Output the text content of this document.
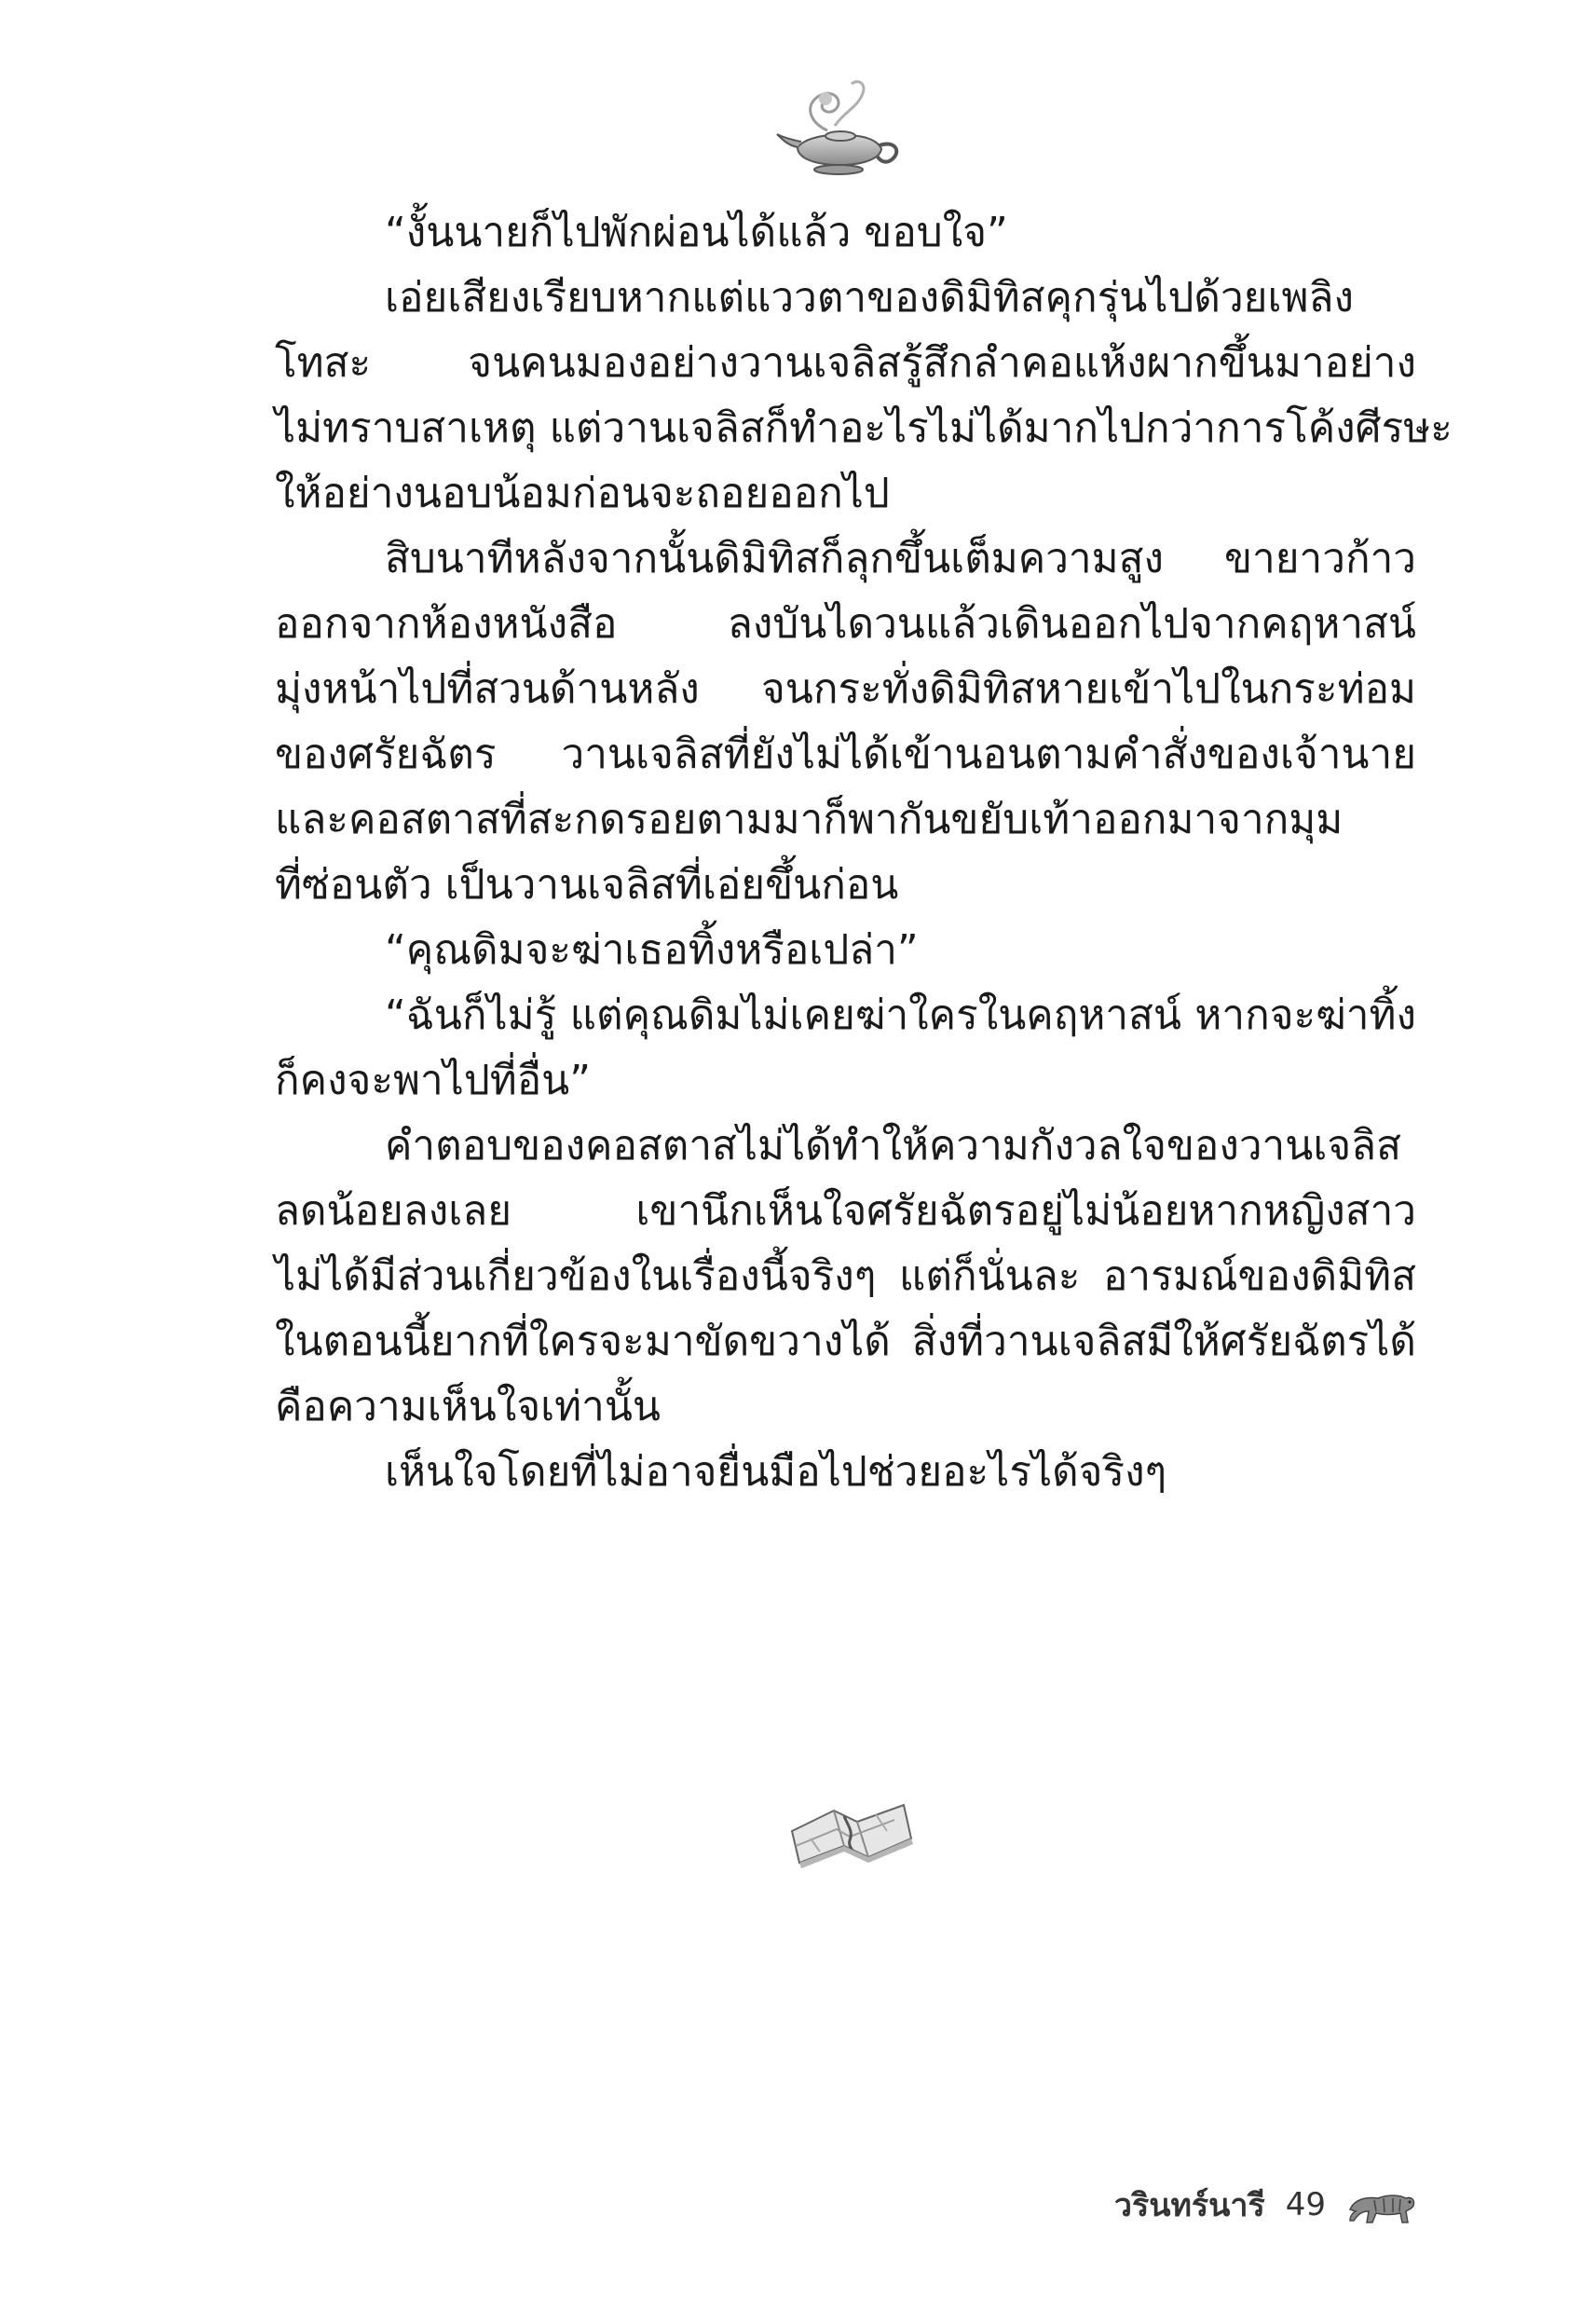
“งั้นนายก็ไปพักผ่อนได้แล้ว ขอบใจ”
เอ่ยเสียงเรียบหากแต่แววตาของดิมิทิสคุกรุ่นไปด้วยเพลิง
โทสะ จนคนมองอย่างวานเจลิสรู้สึกลำคอแห้งผากขึ้นมาอย่าง
ไม่ทราบสาเหตุ แต่วานเจลิสก็ทำอะไรไม่ได้มากไปกว่าการโค้งศีรษะ
ให้อย่างนอบน้อมก่อนจะถอยออกไป
สิบนาทีหลังจากนั้นดิมิทิสก็ลุกขึ้นเต็มความสูง ขายาวก้าว
ออกจากห้องหนังสือ ลงบันไดวนแล้วเดินออกไปจากคฤหาสน์
มุ่งหน้าไปที่สวนด้านหลัง จนกระทั่งดิมิทิสหายเข้าไปในกระท่อม
ของศรัยฉัตร วานเจลิสที่ยังไม่ได้เข้านอนตามคำสั่งของเจ้านาย
และคอสตาสที่สะกดรอยตามมาก็พากันขยับเท้าออกมาจากมุม
ที่ซ่อนตัว เป็นวานเจลิสที่เอ่ยขึ้นก่อน
“คุณดิมจะฆ่าเธอทิ้งหรือเปล่า”
“ฉันก็ไม่รู้ แต่คุณดิมไม่เคยฆ่าใครในคฤหาสน์ หากจะฆ่าทิ้ง
ก็คงจะพาไปที่อื่น”
คำตอบของคอสตาสไม่ได้ทำให้ความกังวลใจของวานเจลิส
ลดน้อยลงเลย เขานึกเห็นใจศรัยฉัตรอยู่ไม่น้อยหากหญิงสาว
ไม่ได้มีส่วนเกี่ยวข้องในเรื่องนี้จริงๆ แต่ก็นั่นละ อารมณ์ของดิมิทิส
ในตอนนี้ยากที่ใครจะมาขัดขวางได้ สิ่งที่วานเจลิสมีให้ศรัยฉัตรได้
คือความเห็นใจเท่านั้น
เห็นใจโดยที่ไม่อาจยื่นมือไปช่วยอะไรได้จริงๆ
วรินทร์นารี 49
